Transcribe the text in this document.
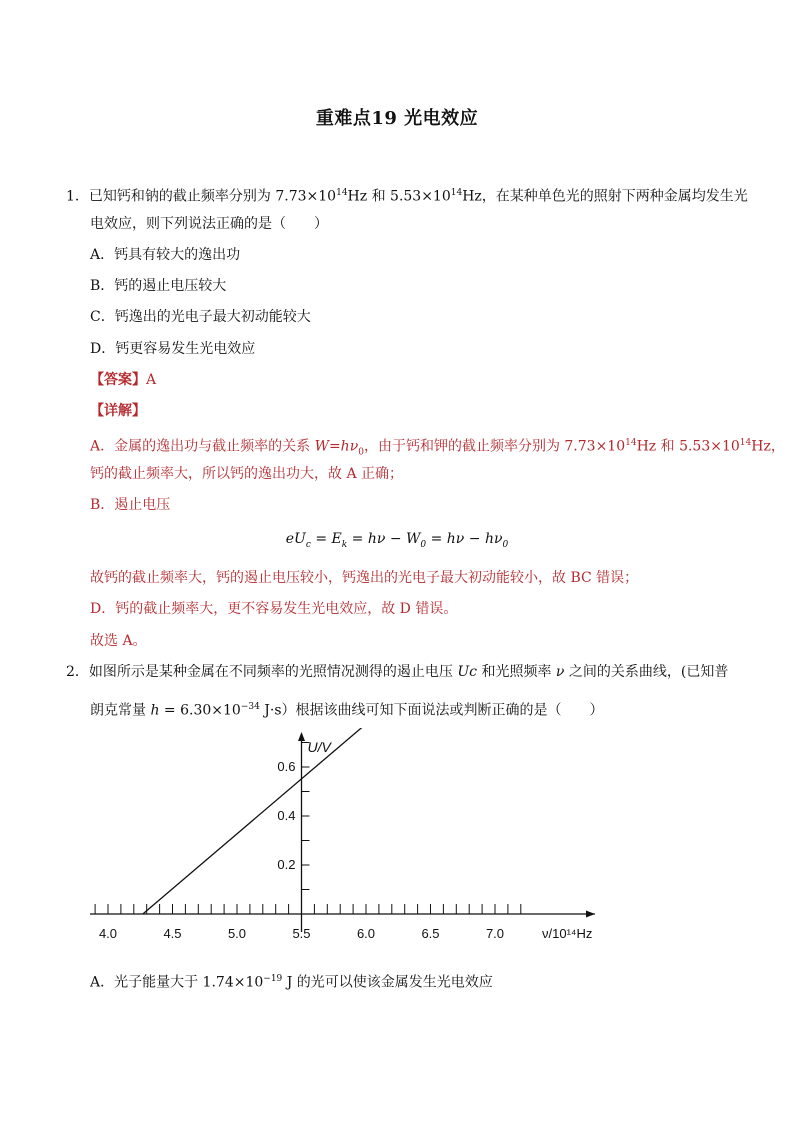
重难点19 光电效应
1．已知钙和钠的截止频率分别为 $7.73\times 10^{14}Hz$ 和 $5.53\times 10^{14}Hz$，在某种单色光的照射下两种金属均发生光
电效应，则下列说法正确的是（　　）
A．钙具有较大的逸出功
B．钙的遏止电压较大
C．钙逸出的光电子最大初动能较大
D．钙更容易发生光电效应
【答案】A
【详解】
A．金属的逸出功与截止频率的关系 $W=h\nu_0$，由于钙和钾的截止频率分别为 $7.73\times 10^{14}Hz$ 和 $5.53\times 10^{14}Hz$，
钙的截止频率大，所以钙的逸出功大，故 A 正确；
B．遏止电压
$eU_c = E_k = h\nu - W_0 = h\nu - h\nu_0$
故钙的截止频率大，钙的遏止电压较小，钙逸出的光电子最大初动能较小，故 BC 错误；
D．钙的截止频率大，更不容易发生光电效应，故 D 错误。
故选 A。
2．如图所示是某种金属在不同频率的光照情况测得的遏止电压 Uc 和光照频率 ν 之间的关系曲线，(已知普
朗克常量 $h = 6.30\times 10^{-34}$ J·s）根据该曲线可知下面说法或判断正确的是（　　）
U/V
ν/10¹⁴Hz
4.0	4.5	5.0	5.5	6.0	6.5	7.0
0.2
0.4
0.6
A．光子能量大于 $1.74\times 10^{-19}$ J 的光可以使该金属发生光电效应
